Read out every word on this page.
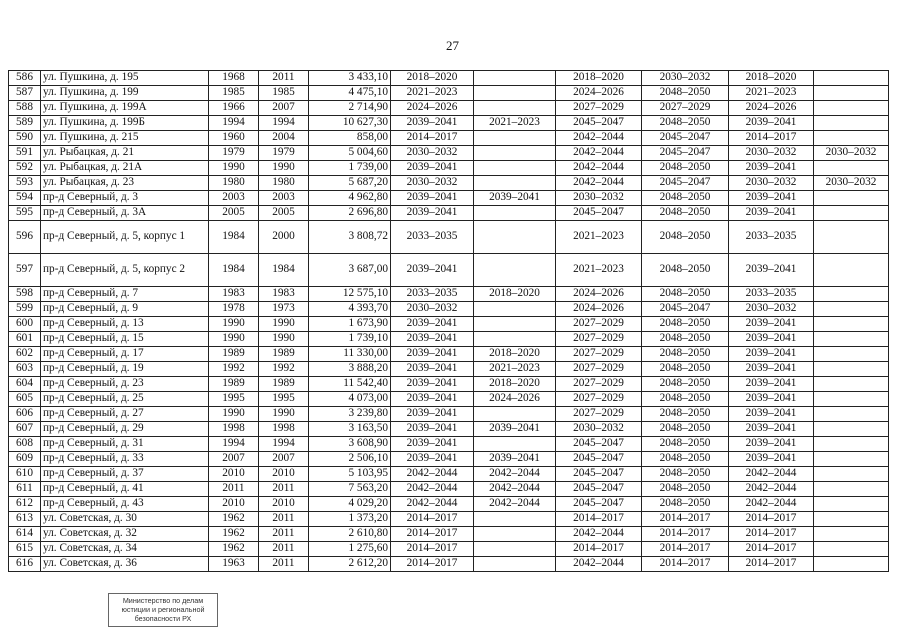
27
586	ул. Пушкина, д. 195	1968	2011	3 433,10	2018–2020		2018–2020	2030–2032	2018–2020	
587	ул. Пушкина, д. 199	1985	1985	4 475,10	2021–2023		2024–2026	2048–2050	2021–2023	
588	ул. Пушкина, д. 199А	1966	2007	2 714,90	2024–2026		2027–2029	2027–2029	2024–2026	
589	ул. Пушкина, д. 199Б	1994	1994	10 627,30	2039–2041	2021–2023	2045–2047	2048–2050	2039–2041	
590	ул. Пушкина, д. 215	1960	2004	858,00	2014–2017		2042–2044	2045–2047	2014–2017	
591	ул. Рыбацкая, д. 21	1979	1979	5 004,60	2030–2032		2042–2044	2045–2047	2030–2032	2030–2032
592	ул. Рыбацкая, д. 21А	1990	1990	1 739,00	2039–2041		2042–2044	2048–2050	2039–2041	
593	ул. Рыбацкая, д. 23	1980	1980	5 687,20	2030–2032		2042–2044	2045–2047	2030–2032	2030–2032
594	пр-д Северный, д. 3	2003	2003	4 962,80	2039–2041	2039–2041	2030–2032	2048–2050	2039–2041	
595	пр-д Северный, д. 3А	2005	2005	2 696,80	2039–2041		2045–2047	2048–2050	2039–2041	
596	пр-д Северный, д. 5, корпус 1	1984	2000	3 808,72	2033–2035		2021–2023	2048–2050	2033–2035	
597	пр-д Северный, д. 5, корпус 2	1984	1984	3 687,00	2039–2041		2021–2023	2048–2050	2039–2041	
598	пр-д Северный, д. 7	1983	1983	12 575,10	2033–2035	2018–2020	2024–2026	2048–2050	2033–2035	
599	пр-д Северный, д. 9	1978	1973	4 393,70	2030–2032		2024–2026	2045–2047	2030–2032	
600	пр-д Северный, д. 13	1990	1990	1 673,90	2039–2041		2027–2029	2048–2050	2039–2041	
601	пр-д Северный, д. 15	1990	1990	1 739,10	2039–2041		2027–2029	2048–2050	2039–2041	
602	пр-д Северный, д. 17	1989	1989	11 330,00	2039–2041	2018–2020	2027–2029	2048–2050	2039–2041	
603	пр-д Северный, д. 19	1992	1992	3 888,20	2039–2041	2021–2023	2027–2029	2048–2050	2039–2041	
604	пр-д Северный, д. 23	1989	1989	11 542,40	2039–2041	2018–2020	2027–2029	2048–2050	2039–2041	
605	пр-д Северный, д. 25	1995	1995	4 073,00	2039–2041	2024–2026	2027–2029	2048–2050	2039–2041	
606	пр-д Северный, д. 27	1990	1990	3 239,80	2039–2041		2027–2029	2048–2050	2039–2041	
607	пр-д Северный, д. 29	1998	1998	3 163,50	2039–2041	2039–2041	2030–2032	2048–2050	2039–2041	
608	пр-д Северный, д. 31	1994	1994	3 608,90	2039–2041		2045–2047	2048–2050	2039–2041	
609	пр-д Северный, д. 33	2007	2007	2 506,10	2039–2041	2039–2041	2045–2047	2048–2050	2039–2041	
610	пр-д Северный, д. 37	2010	2010	5 103,95	2042–2044	2042–2044	2045–2047	2048–2050	2042–2044	
611	пр-д Северный, д. 41	2011	2011	7 563,20	2042–2044	2042–2044	2045–2047	2048–2050	2042–2044	
612	пр-д Северный, д. 43	2010	2010	4 029,20	2042–2044	2042–2044	2045–2047	2048–2050	2042–2044	
613	ул. Советская, д. 30	1962	2011	1 373,20	2014–2017		2014–2017	2014–2017	2014–2017	
614	ул. Советская, д. 32	1962	2011	2 610,80	2014–2017		2042–2044	2014–2017	2014–2017	
615	ул. Советская, д. 34	1962	2011	1 275,60	2014–2017		2014–2017	2014–2017	2014–2017	
616	ул. Советская, д. 36	1963	2011	2 612,20	2014–2017		2042–2044	2014–2017	2014–2017	
Министерство по делам
юстиции и региональной
безопасности РХ
